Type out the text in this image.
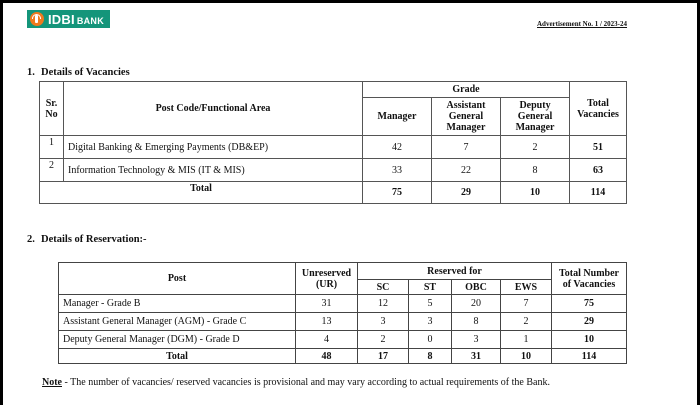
IDBI BANK	Advertisement No. 1 / 2023-24
1. Details of Vacancies
Sr. No	Post Code/Functional Area	Grade			Total Vacancies
		Manager	Assistant General Manager	Deputy General Manager	
1	Digital Banking & Emerging Payments (DB&EP)	42	7	2	51
2	Information Technology & MIS (IT & MIS)	33	22	8	63
Total		75	29	10	114
2. Details of Reservation:-
Post	Unreserved (UR)	Reserved for				Total Number of Vacancies
		SC	ST	OBC	EWS	
Manager - Grade B	31	12	5	20	7	75
Assistant General Manager (AGM) - Grade C	13	3	3	8	2	29
Deputy General Manager (DGM) - Grade D	4	2	0	3	1	10
Total	48	17	8	31	10	114
Note - The number of vacancies/ reserved vacancies is provisional and may vary according to actual requirements of the Bank.
